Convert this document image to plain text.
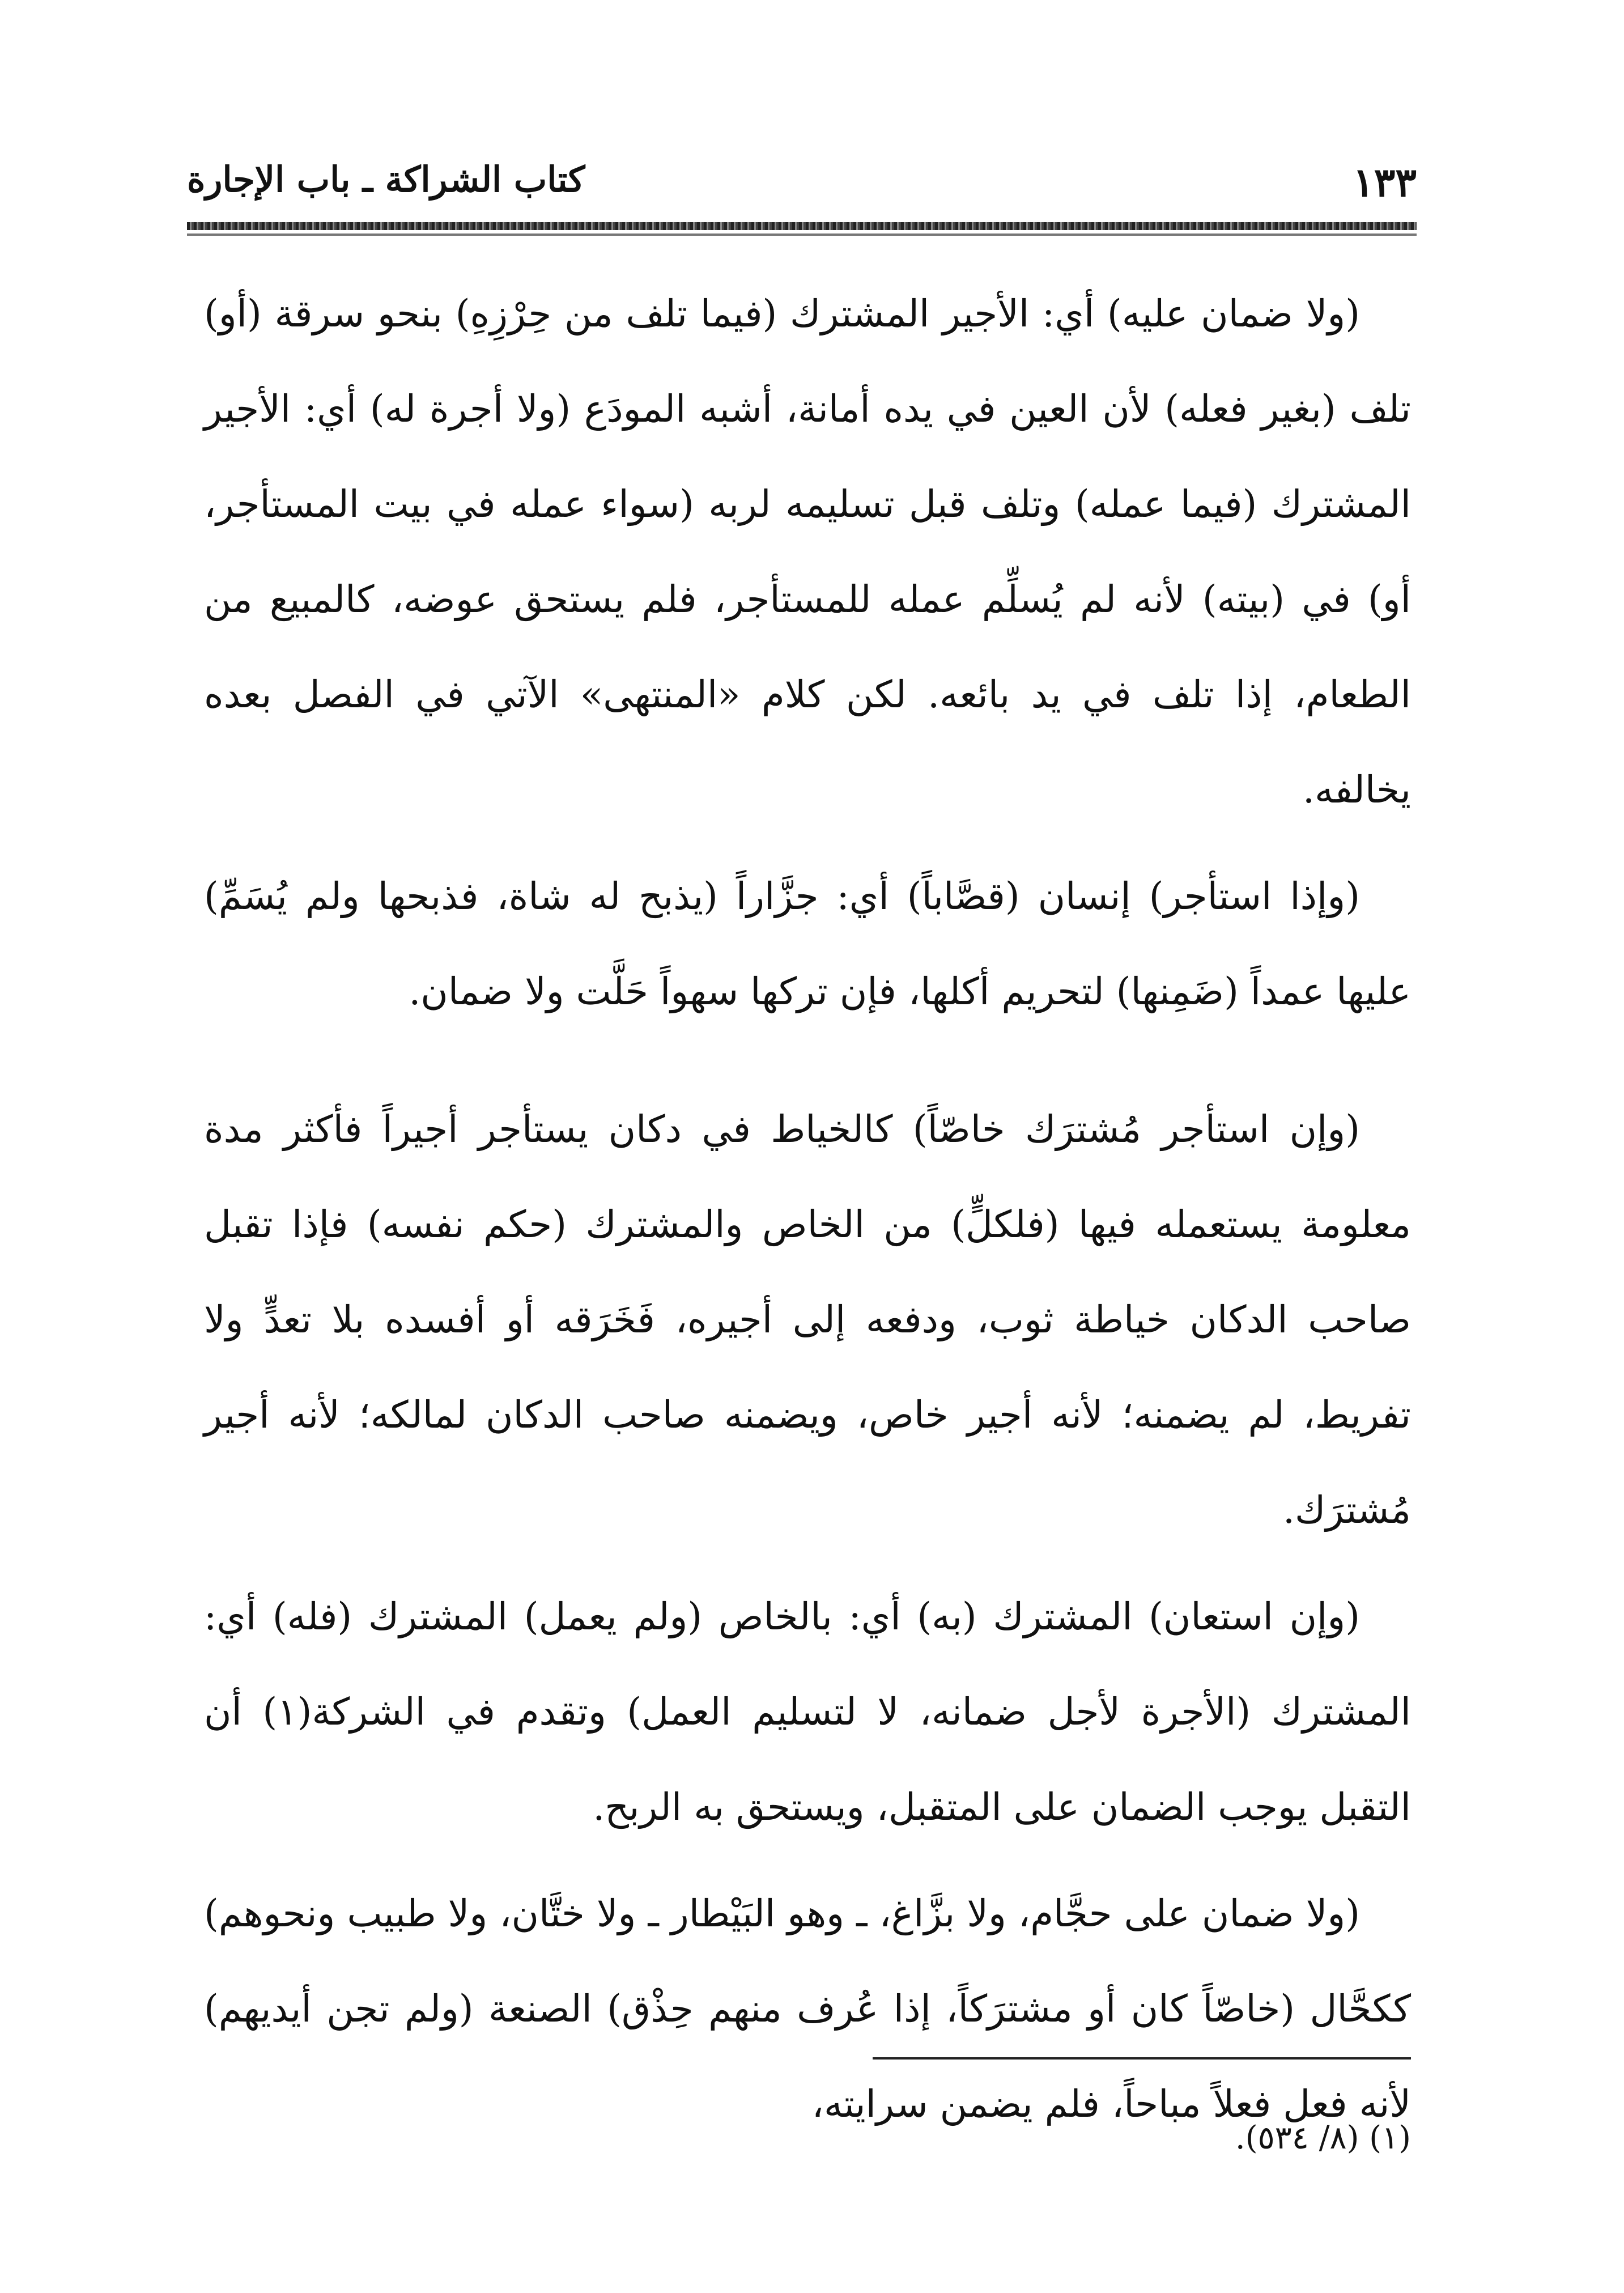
١٣٣
كتاب الشراكة ـ باب الإجارة

(ولا ضمان عليه) أي: الأجير المشترك (فيما تلف من حِرْزِهِ) بنحو سرقة (أو) تلف (بغير فعله) لأن العين في يده أمانة، أشبه المودَع (ولا أجرة له) أي: الأجير المشترك (فيما عمله) وتلف قبل تسليمه لربه (سواء عمله في بيت المستأجر، أو) في (بيته) لأنه لم يُسلِّم عمله للمستأجر، فلم يستحق عوضه، كالمبيع من الطعام، إذا تلف في يد بائعه. لكن كلام «المنتهى» الآتي في الفصل بعده يخالفه.

(وإذا استأجر) إنسان (قصَّاباً) أي: جزَّاراً (يذبح له شاة، فذبحها ولم يُسَمِّ) عليها عمداً (ضَمِنها) لتحريم أكلها، فإن تركها سهواً حَلَّت ولا ضمان.

(وإن استأجر مُشترَك خاصّاً) كالخياط في دكان يستأجر أجيراً فأكثر مدة معلومة يستعمله فيها (فلكلٍّ) من الخاص والمشترك (حكم نفسه) فإذا تقبل صاحب الدكان خياطة ثوب، ودفعه إلى أجيره، فَخَرَقه أو أفسده بلا تعدٍّ ولا تفريط، لم يضمنه؛ لأنه أجير خاص، ويضمنه صاحب الدكان لمالكه؛ لأنه أجير مُشترَك.

(وإن استعان) المشترك (به) أي: بالخاص (ولم يعمل) المشترك (فله) أي: المشترك (الأجرة لأجل ضمانه، لا لتسليم العمل) وتقدم في الشركة(١) أن التقبل يوجب الضمان على المتقبل، ويستحق به الربح.

(ولا ضمان على حجَّام، ولا بزَّاغ، ـ وهو البَيْطار ـ ولا ختَّان، ولا طبيب ونحوهم) ككحَّال (خاصّاً كان أو مشترَكاً، إذا عُرف منهم حِذْق) الصنعة (ولم تجن أيديهم) لأنه فعل فعلاً مباحاً، فلم يضمن سرايته،

(١) (٨/ ٥٣٤).
